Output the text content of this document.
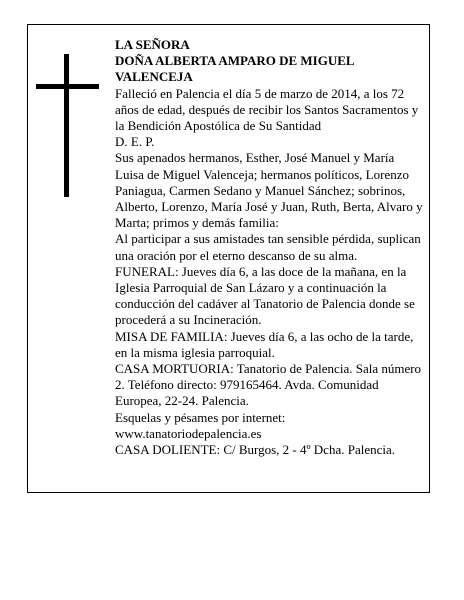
LA SEÑORA

DOÑA ALBERTA AMPARO DE MIGUEL VALENCEJA

Falleció en Palencia el día 5 de marzo de 2014, a los 72 años de edad, después de recibir los Santos Sacramentos y la Bendición Apostólica de Su Santidad

D. E. P.

Sus apenados hermanos, Esther, José Manuel y María Luisa de Miguel Valenceja; hermanos políticos, Lorenzo Paniagua, Carmen Sedano y Manuel Sánchez; sobrinos, Alberto, Lorenzo, María José y Juan, Ruth, Berta, Alvaro y Marta; primos y demás familia:

Al participar a sus amistades tan sensible pérdida, suplican una oración por el eterno descanso de su alma.

FUNERAL: Jueves día 6, a las doce de la mañana, en la Iglesia Parroquial de San Lázaro y a continuación la conducción del cadáver al Tanatorio de Palencia donde se procederá a su Incineración.

MISA DE FAMILIA: Jueves día 6, a las ocho de la tarde, en la misma iglesia parroquial.

CASA MORTUORIA: Tanatorio de Palencia. Sala número 2. Teléfono directo: 979165464. Avda. Comunidad Europea, 22-24. Palencia.

Esquelas y pésames por internet:

www.tanatoriodepalencia.es

CASA DOLIENTE: C/ Burgos, 2 - 4º Dcha. Palencia.
